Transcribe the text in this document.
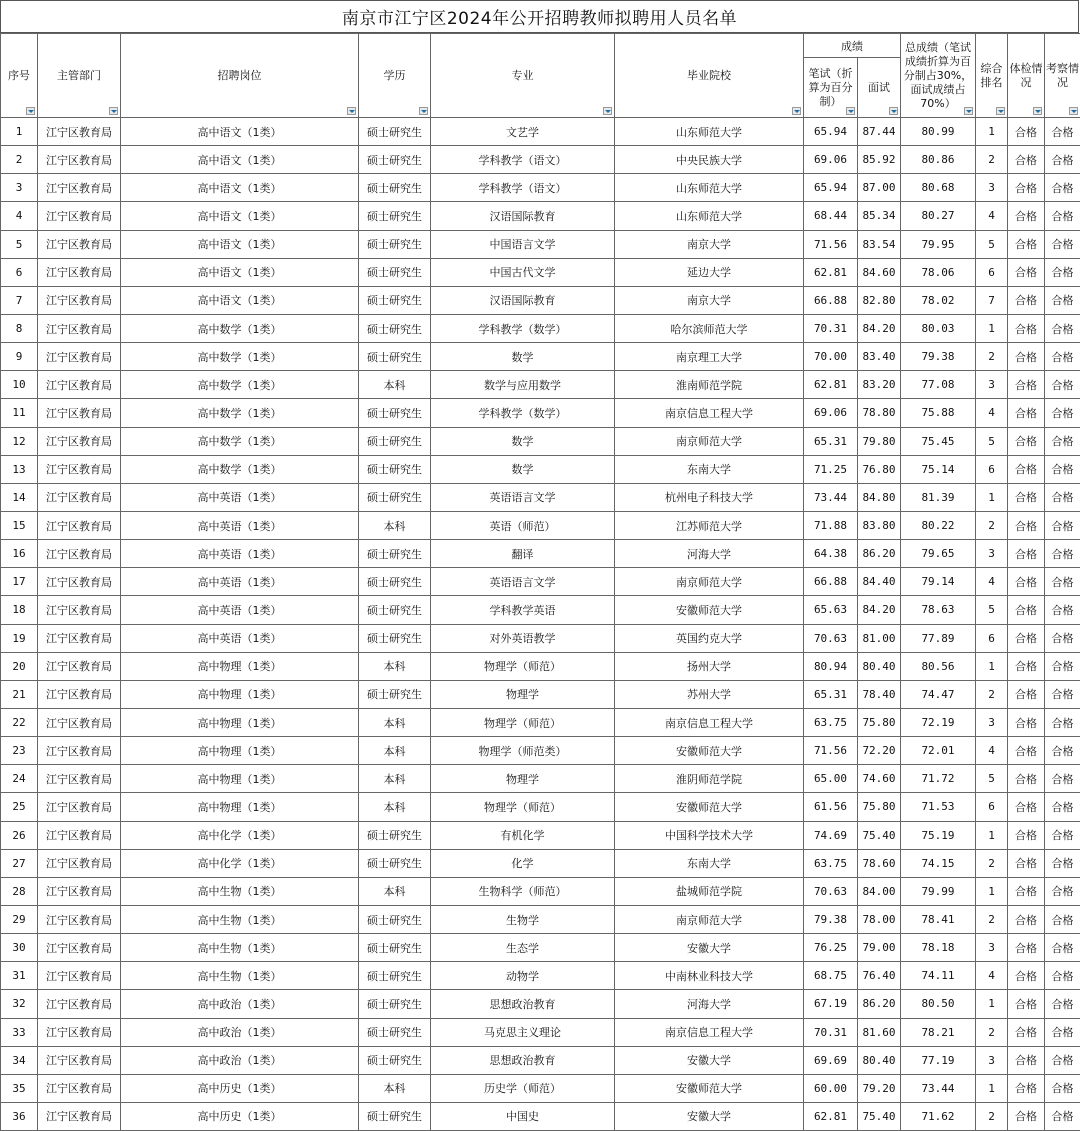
南京市江宁区2024年公开招聘教师拟聘用人员名单
序号	主管部门	招聘岗位	学历	专业	毕业院校	成绩		总成绩（笔试成绩折算为百分制占30%，面试成绩占70%）	综合排名	体检情况	考察情况

						笔试（折算为百分制）	面试				

1	江宁区教育局	高中语文（1类）	硕士研究生	文艺学	山东师范大学	65.94	87.44	80.99	1	合格	合格
2	江宁区教育局	高中语文（1类）	硕士研究生	学科教学（语文）	中央民族大学	69.06	85.92	80.86	2	合格	合格
3	江宁区教育局	高中语文（1类）	硕士研究生	学科教学（语文）	山东师范大学	65.94	87.00	80.68	3	合格	合格
4	江宁区教育局	高中语文（1类）	硕士研究生	汉语国际教育	山东师范大学	68.44	85.34	80.27	4	合格	合格
5	江宁区教育局	高中语文（1类）	硕士研究生	中国语言文学	南京大学	71.56	83.54	79.95	5	合格	合格
6	江宁区教育局	高中语文（1类）	硕士研究生	中国古代文学	延边大学	62.81	84.60	78.06	6	合格	合格
7	江宁区教育局	高中语文（1类）	硕士研究生	汉语国际教育	南京大学	66.88	82.80	78.02	7	合格	合格
8	江宁区教育局	高中数学（1类）	硕士研究生	学科教学（数学）	哈尔滨师范大学	70.31	84.20	80.03	1	合格	合格
9	江宁区教育局	高中数学（1类）	硕士研究生	数学	南京理工大学	70.00	83.40	79.38	2	合格	合格
10	江宁区教育局	高中数学（1类）	本科	数学与应用数学	淮南师范学院	62.81	83.20	77.08	3	合格	合格
11	江宁区教育局	高中数学（1类）	硕士研究生	学科教学（数学）	南京信息工程大学	69.06	78.80	75.88	4	合格	合格
12	江宁区教育局	高中数学（1类）	硕士研究生	数学	南京师范大学	65.31	79.80	75.45	5	合格	合格
13	江宁区教育局	高中数学（1类）	硕士研究生	数学	东南大学	71.25	76.80	75.14	6	合格	合格
14	江宁区教育局	高中英语（1类）	硕士研究生	英语语言文学	杭州电子科技大学	73.44	84.80	81.39	1	合格	合格
15	江宁区教育局	高中英语（1类）	本科	英语（师范）	江苏师范大学	71.88	83.80	80.22	2	合格	合格
16	江宁区教育局	高中英语（1类）	硕士研究生	翻译	河海大学	64.38	86.20	79.65	3	合格	合格
17	江宁区教育局	高中英语（1类）	硕士研究生	英语语言文学	南京师范大学	66.88	84.40	79.14	4	合格	合格
18	江宁区教育局	高中英语（1类）	硕士研究生	学科教学英语	安徽师范大学	65.63	84.20	78.63	5	合格	合格
19	江宁区教育局	高中英语（1类）	硕士研究生	对外英语教学	英国约克大学	70.63	81.00	77.89	6	合格	合格
20	江宁区教育局	高中物理（1类）	本科	物理学（师范）	扬州大学	80.94	80.40	80.56	1	合格	合格
21	江宁区教育局	高中物理（1类）	硕士研究生	物理学	苏州大学	65.31	78.40	74.47	2	合格	合格
22	江宁区教育局	高中物理（1类）	本科	物理学（师范）	南京信息工程大学	63.75	75.80	72.19	3	合格	合格
23	江宁区教育局	高中物理（1类）	本科	物理学（师范类）	安徽师范大学	71.56	72.20	72.01	4	合格	合格
24	江宁区教育局	高中物理（1类）	本科	物理学	淮阴师范学院	65.00	74.60	71.72	5	合格	合格
25	江宁区教育局	高中物理（1类）	本科	物理学（师范）	安徽师范大学	61.56	75.80	71.53	6	合格	合格
26	江宁区教育局	高中化学（1类）	硕士研究生	有机化学	中国科学技术大学	74.69	75.40	75.19	1	合格	合格
27	江宁区教育局	高中化学（1类）	硕士研究生	化学	东南大学	63.75	78.60	74.15	2	合格	合格
28	江宁区教育局	高中生物（1类）	本科	生物科学（师范）	盐城师范学院	70.63	84.00	79.99	1	合格	合格
29	江宁区教育局	高中生物（1类）	硕士研究生	生物学	南京师范大学	79.38	78.00	78.41	2	合格	合格
30	江宁区教育局	高中生物（1类）	硕士研究生	生态学	安徽大学	76.25	79.00	78.18	3	合格	合格
31	江宁区教育局	高中生物（1类）	硕士研究生	动物学	中南林业科技大学	68.75	76.40	74.11	4	合格	合格
32	江宁区教育局	高中政治（1类）	硕士研究生	思想政治教育	河海大学	67.19	86.20	80.50	1	合格	合格
33	江宁区教育局	高中政治（1类）	硕士研究生	马克思主义理论	南京信息工程大学	70.31	81.60	78.21	2	合格	合格
34	江宁区教育局	高中政治（1类）	硕士研究生	思想政治教育	安徽大学	69.69	80.40	77.19	3	合格	合格
35	江宁区教育局	高中历史（1类）	本科	历史学（师范）	安徽师范大学	60.00	79.20	73.44	1	合格	合格
36	江宁区教育局	高中历史（1类）	硕士研究生	中国史	安徽大学	62.81	75.40	71.62	2	合格	合格
